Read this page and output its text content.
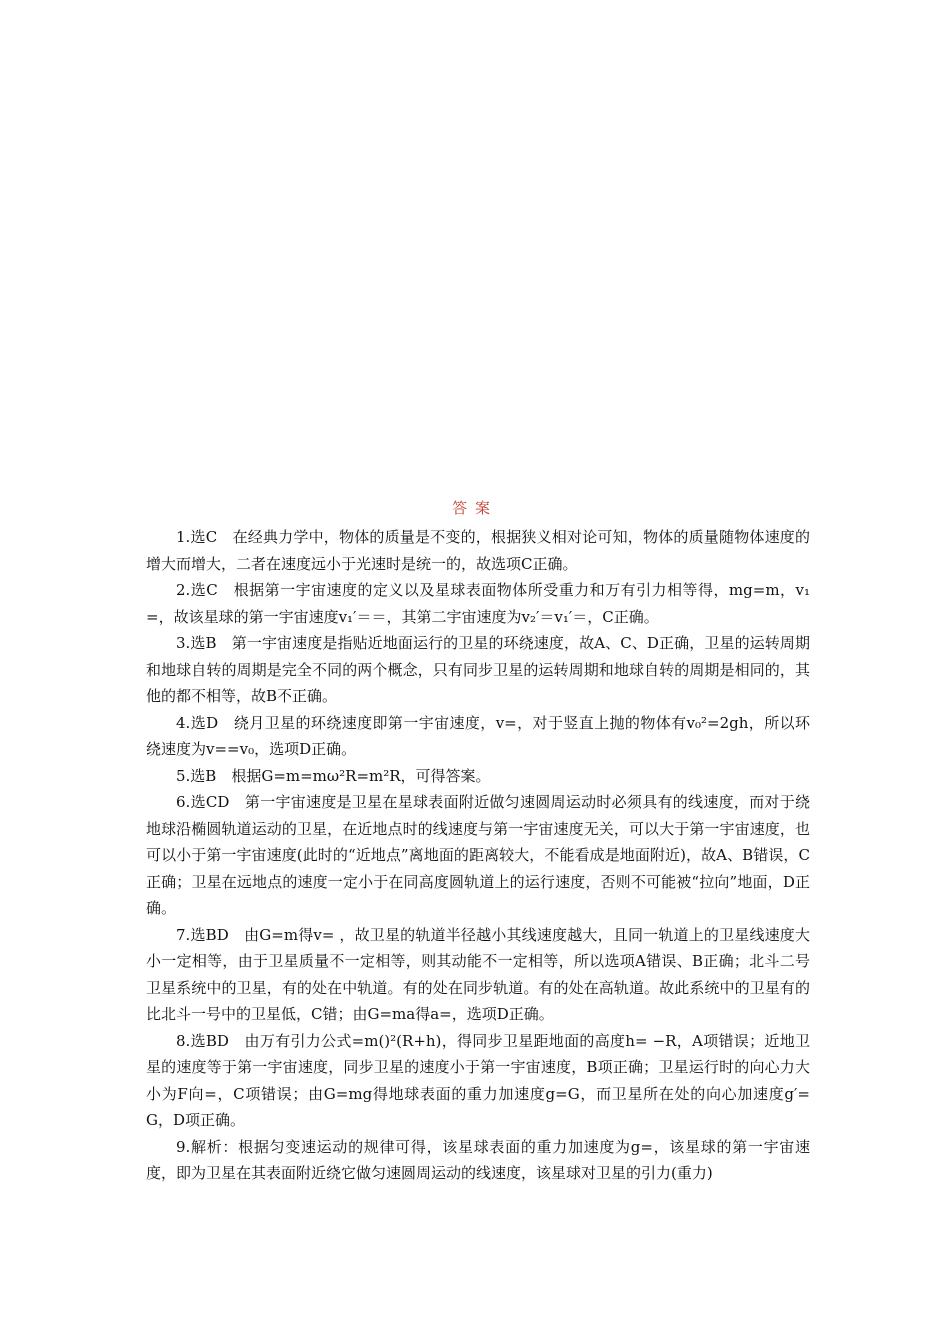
答案

1.选C　在经典力学中，物体的质量是不变的，根据狭义相对论可知，物体的质量随物体速度的增大而增大，二者在速度远小于光速时是统一的，故选项C正确。

2.选C　根据第一宇宙速度的定义以及星球表面物体所受重力和万有引力相等得，mg=m，v₁=，故该星球的第一宇宙速度v₁′＝＝，其第二宇宙速度为v₂′＝v₁′＝，C正确。

3.选B　第一宇宙速度是指贴近地面运行的卫星的环绕速度，故A、C、D正确，卫星的运转周期和地球自转的周期是完全不同的两个概念，只有同步卫星的运转周期和地球自转的周期是相同的，其他的都不相等，故B不正确。

4.选D　绕月卫星的环绕速度即第一宇宙速度，v=，对于竖直上抛的物体有v₀²=2gh，所以环绕速度为v==v₀，选项D正确。

5.选B　根据G=m=mω²R=m²R，可得答案。

6.选CD　第一宇宙速度是卫星在星球表面附近做匀速圆周运动时必须具有的线速度，而对于绕地球沿椭圆轨道运动的卫星，在近地点时的线速度与第一宇宙速度无关，可以大于第一宇宙速度，也可以小于第一宇宙速度(此时的“近地点”离地面的距离较大，不能看成是地面附近)，故A、B错误，C正确；卫星在远地点的速度一定小于在同高度圆轨道上的运行速度，否则不可能被“拉向”地面，D正确。

7.选BD　由G=m得v= ，故卫星的轨道半径越小其线速度越大，且同一轨道上的卫星线速度大小一定相等，由于卫星质量不一定相等，则其动能不一定相等，所以选项A错误、B正确；北斗二号卫星系统中的卫星，有的处在中轨道。有的处在同步轨道。有的处在高轨道。故此系统中的卫星有的比北斗一号中的卫星低，C错；由G=ma得a=，选项D正确。

8.选BD　由万有引力公式=m()²(R+h)，得同步卫星距地面的高度h= −R，A项错误；近地卫星的速度等于第一宇宙速度，同步卫星的速度小于第一宇宙速度，B项正确；卫星运行时的向心力大小为F向=，C项错误；由G=mg得地球表面的重力加速度g=G，而卫星所在处的向心加速度g′=G，D项正确。

9.解析：根据匀变速运动的规律可得，该星球表面的重力加速度为g=，该星球的第一宇宙速度，即为卫星在其表面附近绕它做匀速圆周运动的线速度，该星球对卫星的引力(重力)
